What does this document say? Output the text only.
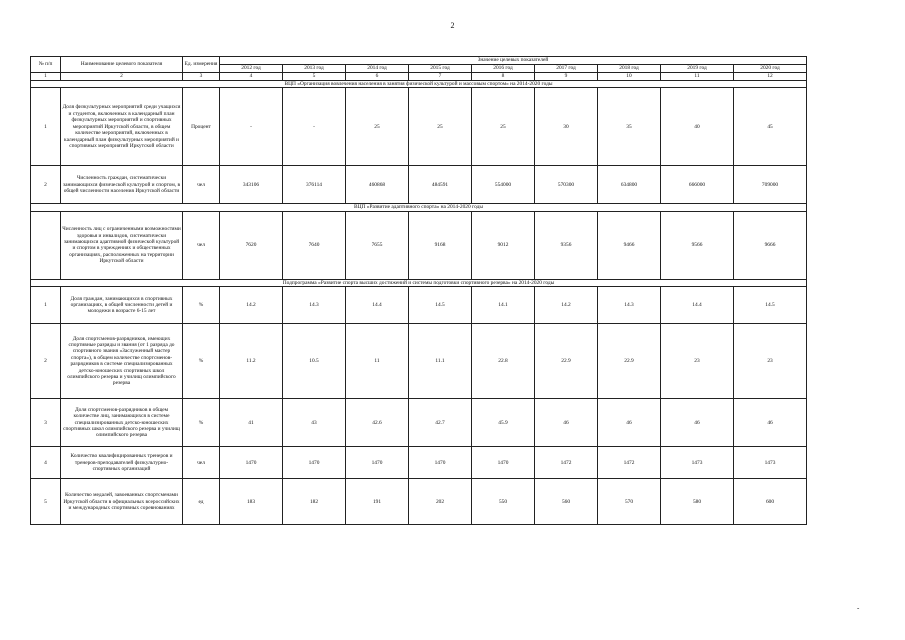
2
№ п/п	Наименование целевого показателя	Ед. измерения	Значение целевых показателей								
			2012 год	2013 год	2014 год	2015 год	2016 год	2017 год	2018 год	2019 год	2020 год
1	2	3	4	5	6	7	8	9	10	11	12
ВЦП «Организация вовлечения населения в занятия физической культурой и массовым спортом» на 2014-2020 годы											
1	Доля физкультурных мероприятий среди учащихся и студентов, включенных в календарный план физкультурных мероприятий и спортивных мероприятий Иркутской области, в общем количестве мероприятий, включенных в календарный план физкультурных мероприятий и спортивных мероприятий Иркутской области	Процент	-	-	25	25	25	30	35	40	45
2	Численность граждан, систематически занимающихся физической культурой и спортом, в общей численности населения Иркутской области	чел	343106	376114	460868	484591	554000	570300	634800	666000	709000
ВЦП «Развитие адаптивного спорта» на 2014-2020 годы											
	Численность лиц с ограниченными возможностями здоровья и инвалидов, систематически занимающихся адаптивной физической культурой и спортом в учреждениях и общественных организациях, расположенных на территории Иркутской области	чел	7620	7640	7655	9168	9012	9356	9466	9566	9666
Подпрограмма «Развитие спорта высших достижений и системы подготовки спортивного резерва» на 2014-2020 годы											
1	Доля граждан, занимающихся в спортивных организациях, в общей численности детей и молодежи в возрасте 6-15 лет	%	14.2	14.3	14.4	14.5	14.1	14.2	14.3	14.4	14.5
2	Доля спортсменов-разрядников, имеющих спортивные разряды и звания (от 1 разряда до спортивного звания «Заслуженный мастер спорта»), в общем количестве спортсменов-разрядников в системе специализированных детско-юношеских спортивных школ олимпийского резерва и училищ олимпийского резерва	%	11.2	10.5	11	11.1	22.8	22.9	22.9	23	23
3	Доля спортсменов-разрядников в общем количестве лиц, занимающихся в системе специализированных детско-юношеских спортивных школ олимпийского резерва и училищ олимпийского резерва	%	41	43	42.6	42.7	45.9	46	46	46	46
4	Количество квалифицированных тренеров и тренеров-преподавателей физкультурно-спортивных организаций	чел	1470	1470	1470	1470	1470	1472	1472	1473	1473
5	Количество медалей, завоеванных спортсменами Иркутской области в официальных всероссийских и международных спортивных соревнованиях	ед	183	182	191	202	550	560	570	580	600
-
